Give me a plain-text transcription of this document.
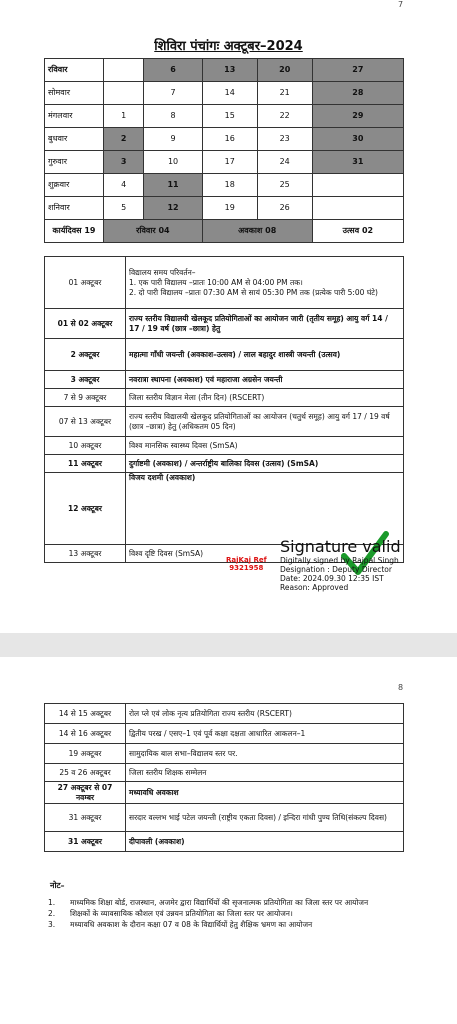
7
शिविरा पंचांगः अक्टूबर–2024
रविवार		6	13	20	27
सोमवार		7	14	21	28
मंगलवार	1	8	15	22	29
बुधवार	2	9	16	23	30
गुरुवार	3	10	17	24	31
शुक्रवार	4	11	18	25	
शनिवार	5	12	19	26	
कार्यदिवस 19	रविवार 04		अवकाश 08		उत्सव 02
01 अक्टूबर	विद्यालय समय परिवर्तन–
1. एक पारी विद्यालय –प्रातः 10:00 AM से 04:00 PM तक।
2. दो पारी विद्यालय –प्रातः 07:30 AM से सायं 05:30 PM तक (प्रत्येक पारी 5:00 घंटे)

01 से 02 अक्टूबर	राज्य स्तरीय विद्यालयी खेलकूद प्रतियोगिताओं का आयोजन जारी (तृतीय समूह) आयु वर्ग 14 / 17 / 19 वर्ष (छात्र –छात्रा) हेतु

2 अक्टूबर	महात्मा गाँधी जयन्ती (अवकाश–उत्सव) / लाल बहादुर शास्त्री जयन्ती (उत्सव)

3 अक्टूबर	नवरात्रा स्थापना (अवकाश) एवं महाराजा अग्रसेन जयन्ती

7 से 9 अक्टूबर	जिला स्तरीय विज्ञान मेला (तीन दिन) (RSCERT)

07 से 13 अक्टूबर	राज्य स्तरीय विद्यालयी खेलकूद प्रतियोगिताओं का आयोजन (चतुर्थ समूह) आयु वर्ग 17 / 19 वर्ष (छात्र –छात्रा) हेतु (अधिकतम 05 दिन)

10 अक्टूबर	विश्व मानसिक स्वास्थ्य दिवस (SmSA)

11 अक्टूबर	दुर्गाष्टमी (अवकाश) / अन्तर्राष्ट्रीय बालिका दिवस (उत्सव) (SmSA)

12 अक्टूबर	विजय दशमी (अवकाश)

13 अक्टूबर	विश्व दृष्टि दिवस (SmSA)
RajKaj Ref
9321958
Signature valid
Digitally signed by Rajpal Singh
Designation : Deputy Director
Date: 2024.09.30 12:35 IST
Reason: Approved
8
14 से 15 अक्टूबर	रोल प्ले एवं लोक नृत्य प्रतियोगिता राज्य स्तरीय (RSCERT)

14 से 16 अक्टूबर	द्वितीय परख / एसए–1 एवं पूर्व कक्षा दक्षता आधारित आकलन–1

19 अक्टूबर	सामुदायिक बाल सभा–विद्यालय स्तर पर.

25 व 26 अक्टूबर	जिला स्तरीय शिक्षक सम्मेलन

27 अक्टूबर से 07 नवम्बर	मध्यावधि अवकाश

31 अक्टूबर	सरदार वल्लभ भाई पटेल जयन्ती (राष्ट्रीय एकता दिवस) / इन्दिरा गांधी पुण्य तिथि(संकल्प दिवस)

31 अक्टूबर	दीपावली (अवकाश)
नोट–
1.	माध्यमिक शिक्षा बोर्ड, राजस्थान, अजमेर द्वारा विद्यार्थियों की सृजनात्मक प्रतियोगिता का जिला स्तर पर आयोजन
2.	शिक्षकों के व्यावसायिक कौशल एवं उन्नयन प्रतियोगिता का जिला स्तर पर आयोजन।
3.	मध्यावधि अवकाश के दौरान कक्षा 07 व 08 के विद्यार्थियों हेतु शैक्षिक भ्रमण का आयोजन
